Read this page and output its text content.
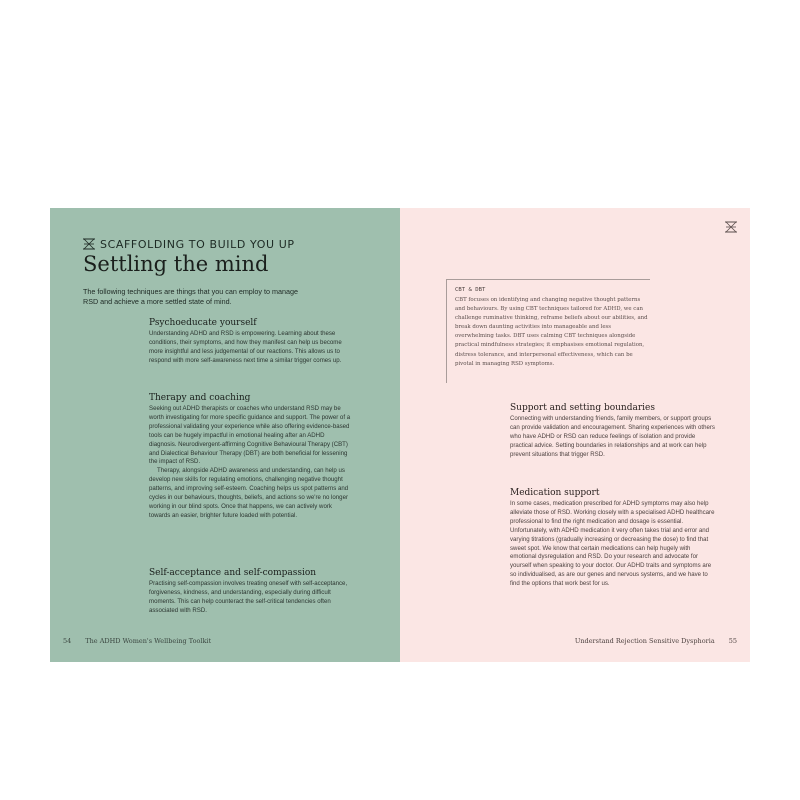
SCAFFOLDING TO BUILD YOU UP
Settling the mind
The following techniques are things that you can employ to manage RSD and achieve a more settled state of mind.
Psychoeducate yourself

Understanding ADHD and RSD is empowering. Learning about these conditions, their symptoms, and how they manifest can help us become more insightful and less judgemental of our reactions. This allows us to respond with more self-awareness next time a similar trigger comes up.

Therapy and coaching

Seeking out ADHD therapists or coaches who understand RSD may be worth investigating for more specific guidance and support. The power of a professional validating your experience while also offering evidence-based tools can be hugely impactful in emotional healing after an ADHD diagnosis. Neurodivergent-affirming Cognitive Behavioural Therapy (CBT) and Dialectical Behaviour Therapy (DBT) are both beneficial for lessening the impact of RSD.

Therapy, alongside ADHD awareness and understanding, can help us develop new skills for regulating emotions, challenging negative thought patterns, and improving self-esteem. Coaching helps us spot patterns and cycles in our behaviours, thoughts, beliefs, and actions so we're no longer working in our blind spots. Once that happens, we can actively work towards an easier, brighter future loaded with potential.

Self-acceptance and self-compassion

Practising self-compassion involves treating oneself with self-acceptance, forgiveness, kindness, and understanding, especially during difficult moments. This can help counteract the self-critical tendencies often associated with RSD.

54 The ADHD Women's Wellbeing Toolkit
CBT & DBT

CBT focuses on identifying and changing negative thought patterns and behaviours. By using CBT techniques tailored for ADHD, we can challenge ruminative thinking, reframe beliefs about our abilities, and break down daunting activities into manageable and less overwhelming tasks. DBT uses calming CBT techniques alongside practical mindfulness strategies; it emphasises emotional regulation, distress tolerance, and interpersonal effectiveness, which can be pivotal in managing RSD symptoms.

Support and setting boundaries

Connecting with understanding friends, family members, or support groups can provide validation and encouragement. Sharing experiences with others who have ADHD or RSD can reduce feelings of isolation and provide practical advice. Setting boundaries in relationships and at work can help prevent situations that trigger RSD.

Medication support

In some cases, medication prescribed for ADHD symptoms may also help alleviate those of RSD. Working closely with a specialised ADHD healthcare professional to find the right medication and dosage is essential. Unfortunately, with ADHD medication it very often takes trial and error and varying titrations (gradually increasing or decreasing the dose) to find that sweet spot. We know that certain medications can help hugely with emotional dysregulation and RSD. Do your research and advocate for yourself when speaking to your doctor. Our ADHD traits and symptoms are so individualised, as are our genes and nervous systems, and we have to find the options that work best for us.

Understand Rejection Sensitive Dysphoria 55
